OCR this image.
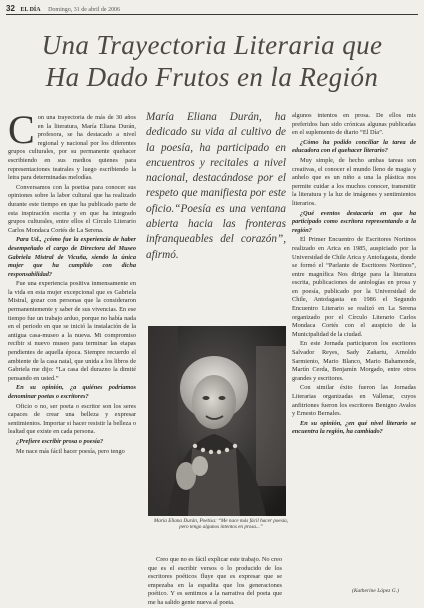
32 EL DÍA Domingo, 31 de abril de 2006
Una Trayectoria Literaria que
Ha Dado Frutos en la Región

Con una trayectoria de más de 30 años en la literatura, María Eliana Durán, profesora, se ha destacado a nivel regional y nacional por los diferentes grupos culturales, por su permanente quehacer escribiendo en sus medios quienes para representaciones teatrales y luego escribiendo la letra para determinadas melodías.

Conversamos con la poetisa para conocer sus opiniones sobre la labor cultural que ha realizado durante este tiempo en que ha publicado parte de esta inspiración escrita y en que ha integrado grupos culturales, entre ellos el Círculo Literario Carlos Mondaca Cortés de La Serena.

Para Ud., ¿cómo fue la experiencia de haber desempeñado el cargo de Directora del Museo Gabriela Mistral de Vicuña, siendo la única mujer que ha cumplido con dicha responsabilidad?

Fue una experiencia positiva inmensamente en la vida en esta mujer excepcional que es Gabriela Mistral, gozar con personas que la consideraron permanentemente y saber de sus vivencias. En ese tiempo fue un trabajo arduo, porque no había nada en el periodo en que se inició la instalación de la antigua casa-museo a la nueva. Mi compromiso recibir si nuevo museo para terminar las etapas pendientes de aquella época. Siempre recuerdo el ambiente de la casa natal, que unida a los libros de Gabriela me dijo: “La casa del durazno la dimité pensando en usted.”

En su opinión, ¿a quiénes podríamos denominar poetas o escritores?

Oficio o no, ser poeta o escritor son los seres capaces de crear una belleza y expresar sentimientos. Importar si hacer resistir la belleza o lealtad que existe en cada persona.

¿Prefiere escribir prosa o poesía?

Me nace más fácil hacer poesía, pero tengo

María Eliana Durán, ha dedicado su vida al cultivo de la poesía, ha participado en encuentros y recitales a nivel nacional, destacándose por el respeto que manifiesta por este oficio.“Poesía es una ventana abierta hacia las fronteras infranqueables del corazón”, afirmó.
María Eliana Durán, Poetisa: “Me nace más fácil hacer poesía, pero tengo algunos intentos en prosa...”

Creo que no es fácil explicar este trabajo. No creo que es el escribir versos o lo producido de los escritores poéticos fluye que es expresar que se empezaba en la espadita que los generaciones poético. Y es sentimos a la narrativa del poeta que me ha salido gente nueva al poeta.

algunos intentos en prosa. De ellos mis preferidos han sido crónicas algunas publicadas en el suplemento de diario “El Día”.

¿Cómo ha podido conciliar la tarea de educadora con el quehacer literario?

Muy simple, de hecho ambas tareas son creativas, el conocer el mundo lleno de magia y anhelo que es un niño a una la plástica nos permite cuidar a los muchos conocer, transmitir la literatura y la luz de imágenes y sentimientos literarios.

¿Qué eventos destacaría en que ha participado como escritora representando a la región?

El Primer Encuentro de Escritores Nortinos realizado en Arica en 1985, auspiciado por la Universidad de Chile Arica y Antofagasta, donde se formó el “Parlante de Escritores Nortinos”, entre magnífica Nos dirige para la literatura escrita, publicaciones de antologías en prosa y en poesía, publicado por la Universidad de Chile, Antofagasta en 1986 el Segundo Encuentro Literario se realizó en La Serena organizado por el Círculo Literario Carlos Mondaca Cortés con el auspicio de la Municipalidad de la ciudad.

En este Jornada participaron los escritores Salvador Reyes, Sady Zañartu, Arnoldo Sarmiento, Mario Blanco, Mario Bahamonde, Martín Cerda, Benjamín Morgado, entre otros grandes y escritores.

Con similar éxito fueron las Jornadas Literarias organizadas en Vallenar, cuyos anfitriones fueron los escritores Benigno Avalos y Ernesto Bernales.

En su opinión, ¿en qué nivel literario se encuentra la región, ha cambiado?

(Katherine López G.)
